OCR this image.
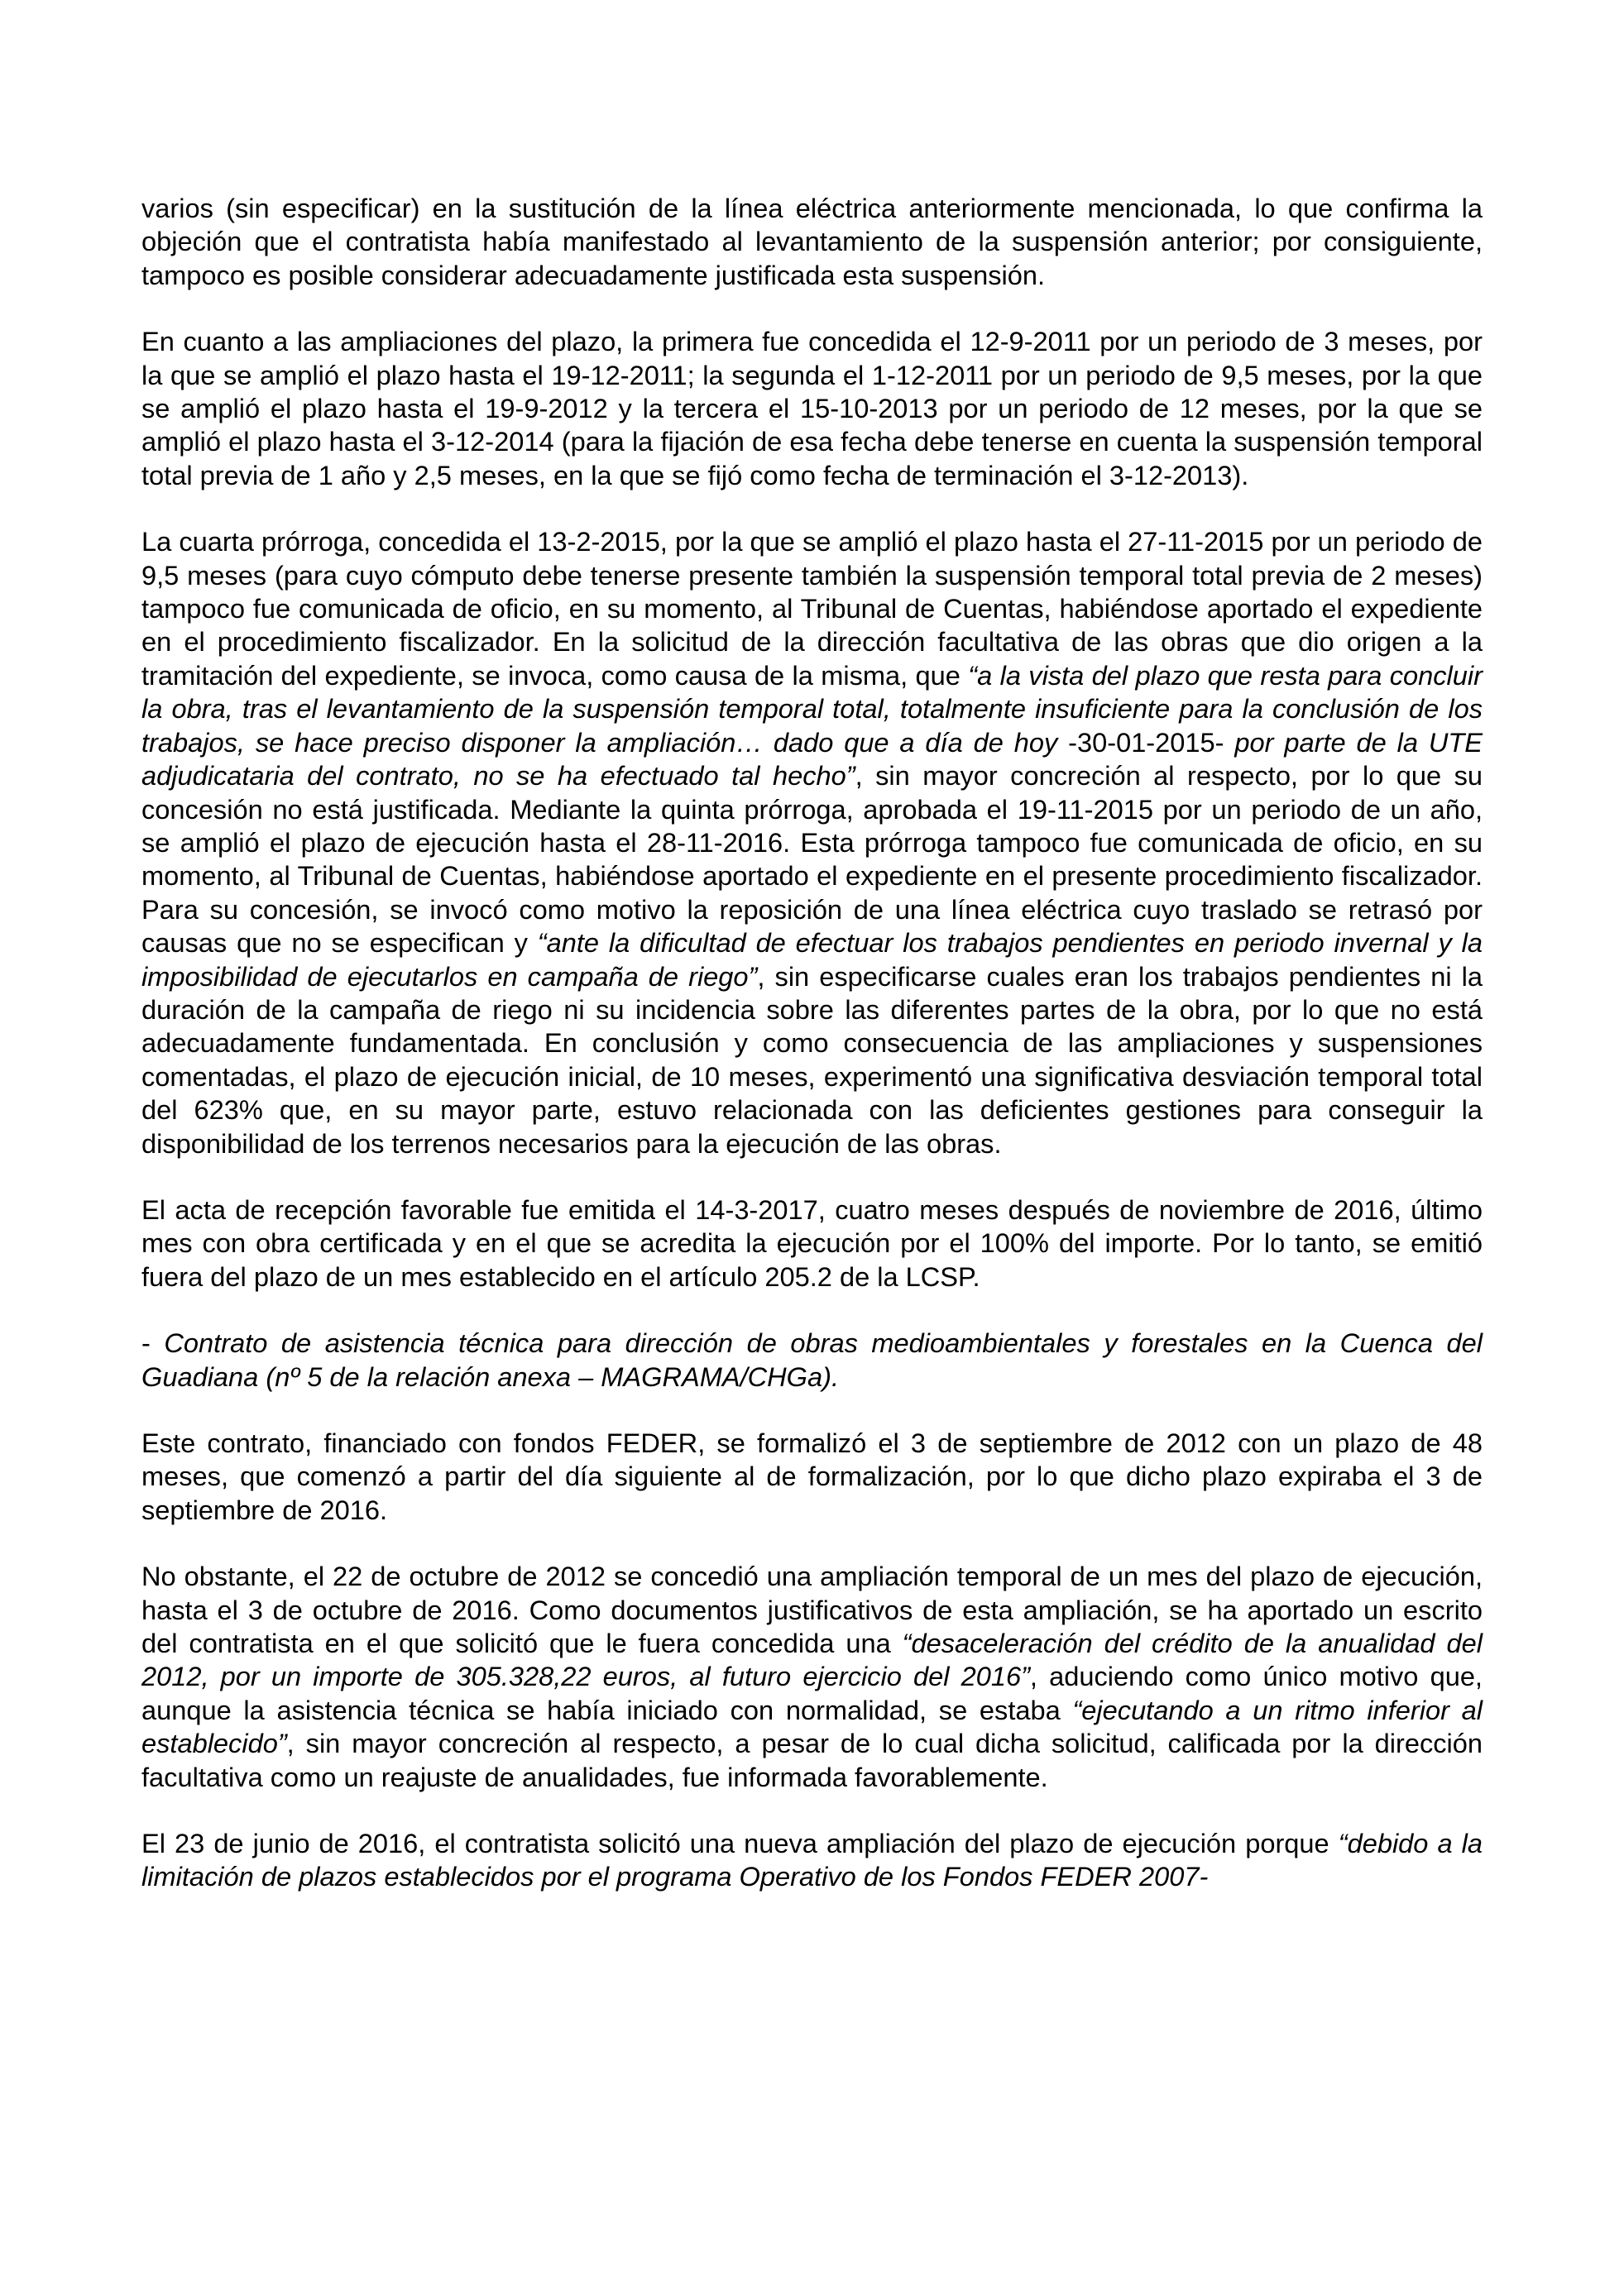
varios (sin especificar) en la sustitución de la línea eléctrica anteriormente mencionada, lo que confirma la objeción que el contratista había manifestado al levantamiento de la suspensión anterior; por consiguiente, tampoco es posible considerar adecuadamente justificada esta suspensión.

En cuanto a las ampliaciones del plazo, la primera fue concedida el 12-9-2011 por un periodo de 3 meses, por la que se amplió el plazo hasta el 19-12-2011; la segunda el 1-12-2011 por un periodo de 9,5 meses, por la que se amplió el plazo hasta el 19-9-2012 y la tercera el 15-10-2013 por un periodo de 12 meses, por la que se amplió el plazo hasta el 3-12-2014 (para la fijación de esa fecha debe tenerse en cuenta la suspensión temporal total previa de 1 año y 2,5 meses, en la que se fijó como fecha de terminación el 3-12-2013).

La cuarta prórroga, concedida el 13-2-2015, por la que se amplió el plazo hasta el 27-11-2015 por un periodo de 9,5 meses (para cuyo cómputo debe tenerse presente también la suspensión temporal total previa de 2 meses) tampoco fue comunicada de oficio, en su momento, al Tribunal de Cuentas, habiéndose aportado el expediente en el procedimiento fiscalizador. En la solicitud de la dirección facultativa de las obras que dio origen a la tramitación del expediente, se invoca, como causa de la misma, que “a la vista del plazo que resta para concluir la obra, tras el levantamiento de la suspensión temporal total, totalmente insuficiente para la conclusión de los trabajos, se hace preciso disponer la ampliación… dado que a día de hoy -30-01-2015- por parte de la UTE adjudicataria del contrato, no se ha efectuado tal hecho”, sin mayor concreción al respecto, por lo que su concesión no está justificada. Mediante la quinta prórroga, aprobada el 19-11-2015 por un periodo de un año, se amplió el plazo de ejecución hasta el 28-11-2016. Esta prórroga tampoco fue comunicada de oficio, en su momento, al Tribunal de Cuentas, habiéndose aportado el expediente en el presente procedimiento fiscalizador. Para su concesión, se invocó como motivo la reposición de una línea eléctrica cuyo traslado se retrasó por causas que no se especifican y “ante la dificultad de efectuar los trabajos pendientes en periodo invernal y la imposibilidad de ejecutarlos en campaña de riego”, sin especificarse cuales eran los trabajos pendientes ni la duración de la campaña de riego ni su incidencia sobre las diferentes partes de la obra, por lo que no está adecuadamente fundamentada. En conclusión y como consecuencia de las ampliaciones y suspensiones comentadas, el plazo de ejecución inicial, de 10 meses, experimentó una significativa desviación temporal total del 623% que, en su mayor parte, estuvo relacionada con las deficientes gestiones para conseguir la disponibilidad de los terrenos necesarios para la ejecución de las obras.

El acta de recepción favorable fue emitida el 14-3-2017, cuatro meses después de noviembre de 2016, último mes con obra certificada y en el que se acredita la ejecución por el 100% del importe. Por lo tanto, se emitió fuera del plazo de un mes establecido en el artículo 205.2 de la LCSP.

- Contrato de asistencia técnica para dirección de obras medioambientales y forestales en la Cuenca del Guadiana (nº 5 de la relación anexa – MAGRAMA/CHGa).

Este contrato, financiado con fondos FEDER, se formalizó el 3 de septiembre de 2012 con un plazo de 48 meses, que comenzó a partir del día siguiente al de formalización, por lo que dicho plazo expiraba el 3 de septiembre de 2016.

No obstante, el 22 de octubre de 2012 se concedió una ampliación temporal de un mes del plazo de ejecución, hasta el 3 de octubre de 2016. Como documentos justificativos de esta ampliación, se ha aportado un escrito del contratista en el que solicitó que le fuera concedida una “desaceleración del crédito de la anualidad del 2012, por un importe de 305.328,22 euros, al futuro ejercicio del 2016”, aduciendo como único motivo que, aunque la asistencia técnica se había iniciado con normalidad, se estaba “ejecutando a un ritmo inferior al establecido”, sin mayor concreción al respecto, a pesar de lo cual dicha solicitud, calificada por la dirección facultativa como un reajuste de anualidades, fue informada favorablemente.

El 23 de junio de 2016, el contratista solicitó una nueva ampliación del plazo de ejecución porque “debido a la limitación de plazos establecidos por el programa Operativo de los Fondos FEDER 2007-
